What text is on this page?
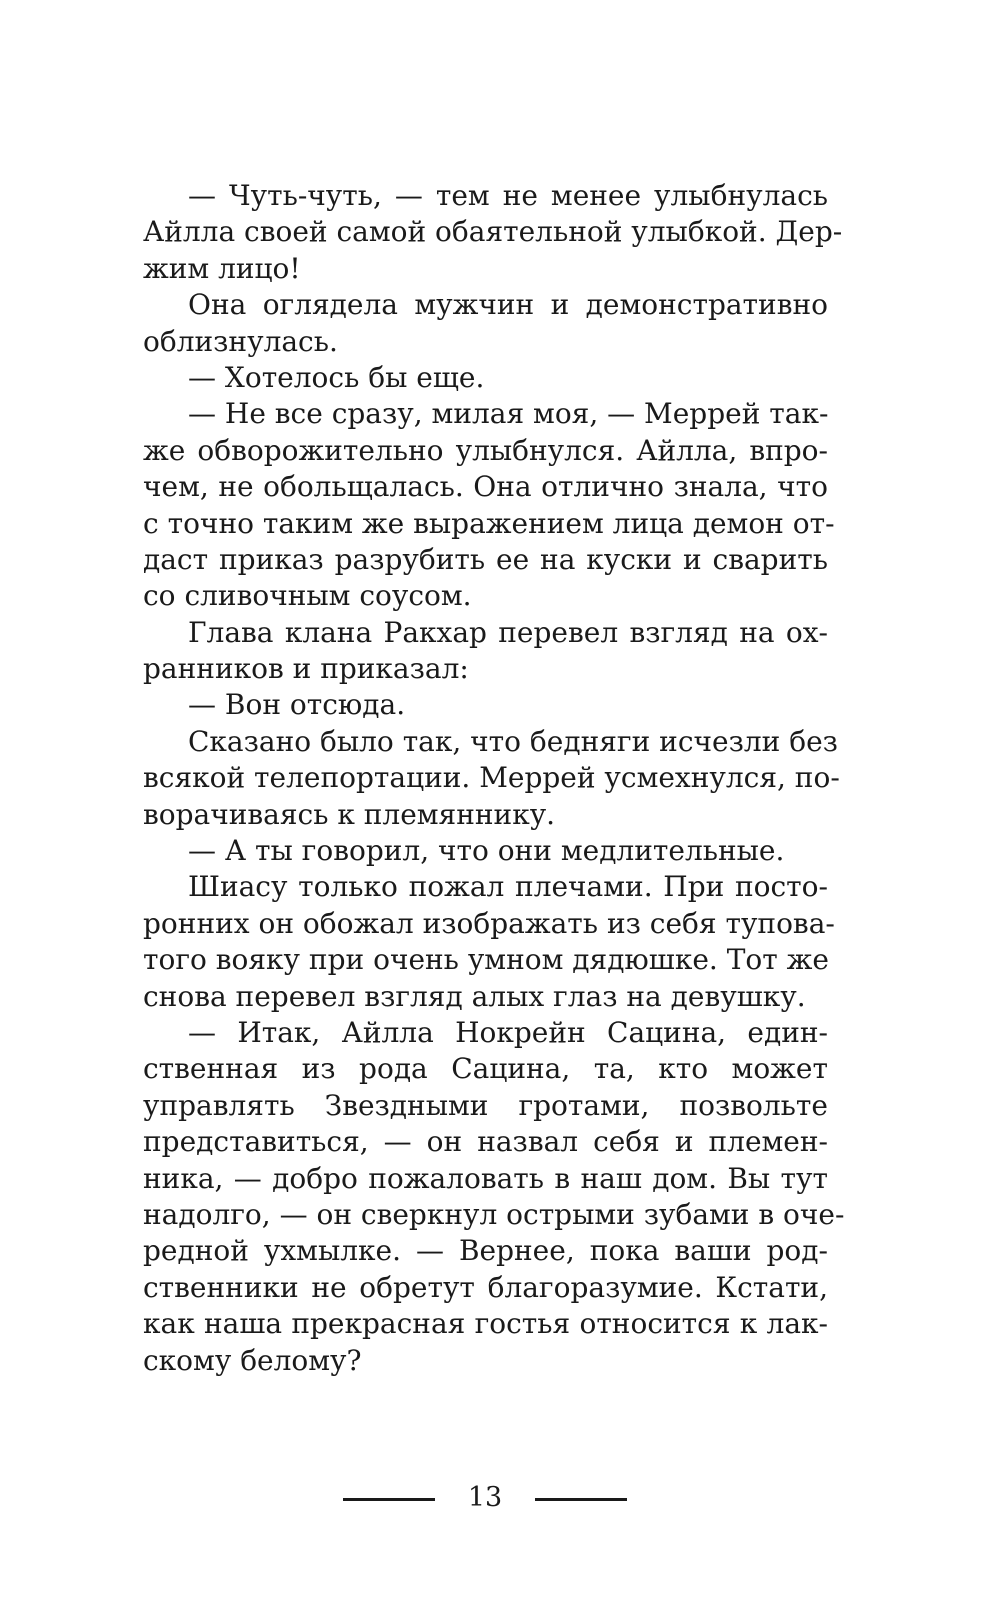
— Чуть-чуть, — тем не менее улыбнулась
Айлла своей самой обаятельной улыбкой. Дер-
жим лицо!
Она оглядела мужчин и демонстративно
облизнулась.
— Хотелось бы еще.
— Не все сразу, милая моя, — Меррей так-
же обворожительно улыбнулся. Айлла, впро-
чем, не обольщалась. Она отлично знала, что
с точно таким же выражением лица демон от-
даст приказ разрубить ее на куски и сварить
со сливочным соусом.
Глава клана Ракхар перевел взгляд на ох-
ранников и приказал:
— Вон отсюда.
Сказано было так, что бедняги исчезли без
всякой телепортации. Меррей усмехнулся, по-
ворачиваясь к племяннику.
— А ты говорил, что они медлительные.
Шиасу только пожал плечами. При посто-
ронних он обожал изображать из себя тупова-
того вояку при очень умном дядюшке. Тот же
снова перевел взгляд алых глаз на девушку.
— Итак, Айлла Нокрейн Сацина, един-
ственная из рода Сацина, та, кто может
управлять Звездными гротами, позвольте
представиться, — он назвал себя и племен-
ника, — добро пожаловать в наш дом. Вы тут
надолго, — он сверкнул острыми зубами в оче-
редной ухмылке. — Вернее, пока ваши род-
ственники не обретут благоразумие. Кстати,
как наша прекрасная гостья относится к лак-
скому белому?
13
